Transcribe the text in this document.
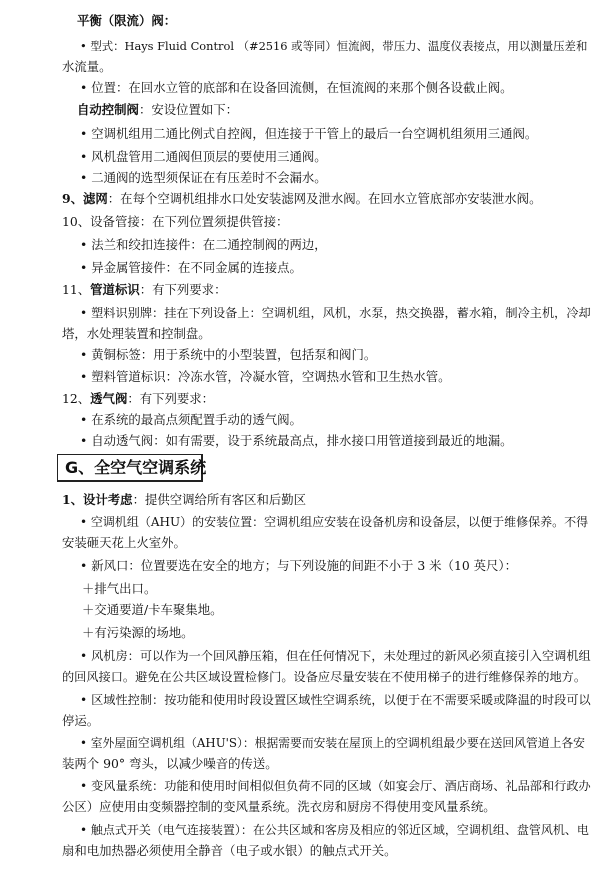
平衡（限流）阀：
• 型式：Hays Fluid Control （#2516 或等同）恒流阀，带压力、温度仪表接点，用以测量压差和
水流量。
• 位置：在回水立管的底部和在设备回流侧，在恒流阀的来那个侧各设截止阀。
自动控制阀：安设位置如下：
• 空调机组用二通比例式自控阀，但连接于干管上的最后一台空调机组须用三通阀。
• 风机盘管用二通阀但顶层的要使用三通阀。
• 二通阀的选型须保证在有压差时不会漏水。
9、滤网：在每个空调机组排水口处安装滤网及泄水阀。在回水立管底部亦安装泄水阀。
10、设备管接：在下列位置须提供管接：
• 法兰和绞扣连接件：在二通控制阀的两边，
• 异金属管接件：在不同金属的连接点。
11、管道标识：有下列要求：
• 塑料识别牌：挂在下列设备上：空调机组，风机，水泵，热交换器，蓄水箱，制冷主机，冷却
塔，水处理装置和控制盘。
• 黄铜标签：用于系统中的小型装置，包括泵和阀门。
• 塑料管道标识：冷冻水管，冷凝水管，空调热水管和卫生热水管。
12、透气阀：有下列要求：
• 在系统的最高点须配置手动的透气阀。
• 自动透气阀：如有需要，设于系统最高点，排水接口用管道接到最近的地漏。
G、全空气空调系统
1、设计考虑：提供空调给所有客区和后勤区
• 空调机组（AHU）的安装位置：空调机组应安装在设备机房和设备层，以便于维修保养。不得
安装砸天花上火室外。
• 新风口：位置要选在安全的地方；与下列设施的间距不小于 3 米（10 英尺）：
＋排气出口。
＋交通要道/卡车聚集地。
＋有污染源的场地。
• 风机房：可以作为一个回风静压箱，但在任何情况下，未处理过的新风必须直接引入空调机组
的回风接口。避免在公共区域设置检修门。设备应尽量安装在不使用梯子的进行维修保养的地方。
• 区域性控制：按功能和使用时段设置区域性空调系统，以便于在不需要采暖或降温的时段可以
停运。
• 室外屋面空调机组（AHU'S）：根据需要而安装在屋顶上的空调机组最少要在送回风管道上各安
装两个 90° 弯头，以减少噪音的传送。
• 变风量系统：功能和使用时间相似但负荷不同的区域（如宴会厅、酒店商场、礼品部和行政办
公区）应使用由变频器控制的变风量系统。洗衣房和厨房不得使用变风量系统。
• 触点式开关（电气连接装置）：在公共区域和客房及相应的邻近区域，空调机组、盘管风机、电
扇和电加热器必须使用全静音（电子或水银）的触点式开关。
